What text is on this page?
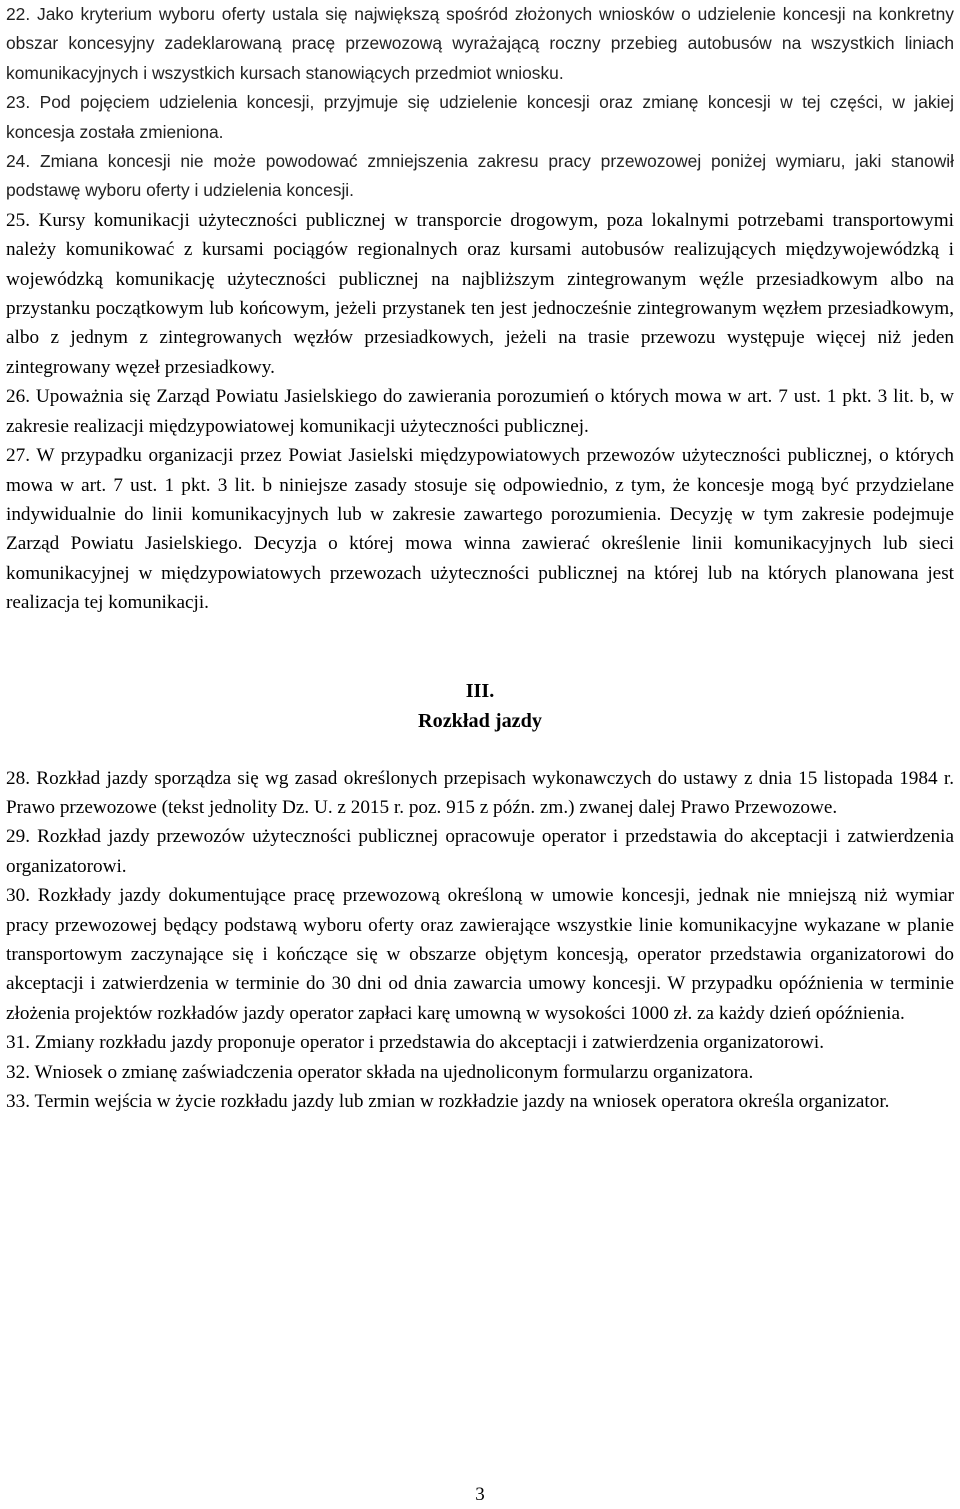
22. Jako kryterium wyboru oferty ustala się największą spośród złożonych wniosków o udzielenie koncesji na konkretny obszar koncesyjny zadeklarowaną pracę przewozową wyrażającą roczny przebieg autobusów na wszystkich liniach komunikacyjnych i wszystkich kursach stanowiących przedmiot wniosku.

23. Pod pojęciem udzielenia koncesji, przyjmuje się udzielenie koncesji oraz zmianę koncesji w tej części, w jakiej koncesja została zmieniona.

24. Zmiana koncesji nie może powodować zmniejszenia zakresu pracy przewozowej poniżej wymiaru, jaki stanowił podstawę wyboru oferty i udzielenia koncesji.

25. Kursy komunikacji użyteczności publicznej w transporcie drogowym, poza lokalnymi potrzebami transportowymi należy komunikować z kursami pociągów regionalnych oraz kursami autobusów realizujących międzywojewódzką i wojewódzką komunikację użyteczności publicznej na najbliższym zintegrowanym węźle przesiadkowym albo na przystanku początkowym lub końcowym, jeżeli przystanek ten jest jednocześnie zintegrowanym węzłem przesiadkowym, albo z jednym z zintegrowanych węzłów przesiadkowych, jeżeli na trasie przewozu występuje więcej niż jeden zintegrowany węzeł przesiadkowy.

26. Upoważnia się Zarząd Powiatu Jasielskiego do zawierania porozumień o których mowa w art. 7 ust. 1 pkt. 3 lit. b, w zakresie realizacji międzypowiatowej komunikacji użyteczności publicznej.

27. W przypadku organizacji przez Powiat Jasielski międzypowiatowych przewozów użyteczności publicznej, o których mowa w art. 7 ust. 1 pkt. 3 lit. b niniejsze zasady stosuje się odpowiednio, z tym, że koncesje mogą być przydzielane indywidualnie do linii komunikacyjnych lub w zakresie zawartego porozumienia. Decyzję w tym zakresie podejmuje Zarząd Powiatu Jasielskiego. Decyzja o której mowa winna zawierać określenie linii komunikacyjnych lub sieci komunikacyjnej w międzypowiatowych przewozach użyteczności publicznej na której lub na których planowana jest realizacja tej komunikacji.

III.

Rozkład jazdy

28. Rozkład jazdy sporządza się wg zasad określonych przepisach wykonawczych do ustawy z dnia 15 listopada 1984 r. Prawo przewozowe (tekst jednolity Dz. U. z 2015 r. poz. 915 z późn. zm.) zwanej dalej Prawo Przewozowe.

29. Rozkład jazdy przewozów użyteczności publicznej opracowuje operator i przedstawia do akceptacji i zatwierdzenia organizatorowi.

30. Rozkłady jazdy dokumentujące pracę przewozową określoną w umowie koncesji, jednak nie mniejszą niż wymiar pracy przewozowej będący podstawą wyboru oferty oraz zawierające wszystkie linie komunikacyjne wykazane w planie transportowym zaczynające się i kończące się w obszarze objętym koncesją, operator przedstawia organizatorowi do akceptacji i zatwierdzenia w terminie do 30 dni od dnia zawarcia umowy koncesji. W przypadku opóźnienia w terminie złożenia projektów rozkładów jazdy operator zapłaci karę umowną w wysokości 1000 zł. za każdy dzień opóźnienia.

31. Zmiany rozkładu jazdy proponuje operator i przedstawia do akceptacji i zatwierdzenia organizatorowi.

32. Wniosek o zmianę zaświadczenia operator składa na ujednoliconym formularzu organizatora.

33. Termin wejścia w życie rozkładu jazdy lub zmian w rozkładzie jazdy na wniosek operatora określa organizator.

3
